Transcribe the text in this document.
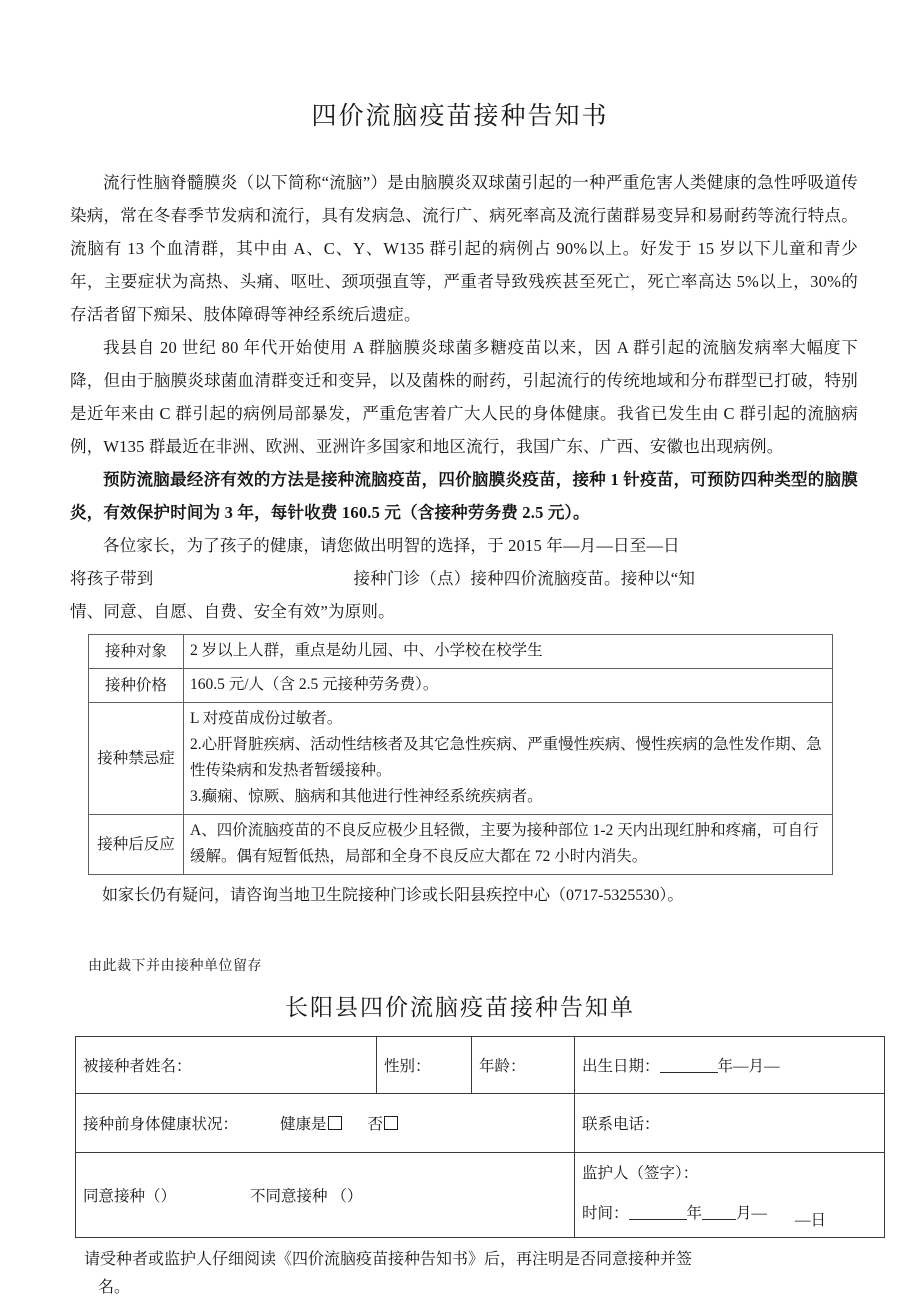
四价流脑疫苗接种告知书

流行性脑脊髓膜炎（以下简称“流脑”）是由脑膜炎双球菌引起的一种严重危害人类健康的急性呼吸道传染病，常在冬春季节发病和流行，具有发病急、流行广、病死率高及流行菌群易变异和易耐药等流行特点。流脑有 13 个血清群，其中由 A、C、Y、W135 群引起的病例占 90%以上。好发于 15 岁以下儿童和青少年，主要症状为高热、头痛、呕吐、颈项强直等，严重者导致残疾甚至死亡，死亡率高达 5%以上，30%的存活者留下痴呆、肢体障碍等神经系统后遗症。

我县自 20 世纪 80 年代开始使用 A 群脑膜炎球菌多糖疫苗以来，因 A 群引起的流脑发病率大幅度下降，但由于脑膜炎球菌血清群变迁和变异，以及菌株的耐药，引起流行的传统地域和分布群型已打破，特别是近年来由 C 群引起的病例局部暴发，严重危害着广大人民的身体健康。我省已发生由 C 群引起的流脑病例，W135 群最近在非洲、欧洲、亚洲许多国家和地区流行，我国广东、广西、安徽也出现病例。

预防流脑最经济有效的方法是接种流脑疫苗，四价脑膜炎疫苗，接种 1 针疫苗，可预防四种类型的脑膜炎，有效保护时间为 3 年，每针收费 160.5 元（含接种劳务费 2.5 元）。

各位家长，为了孩子的健康，请您做出明智的选择，于 2015 年—月—日至—日

将孩子带到	接种门诊（点）接种四价流脑疫苗。接种以“知

情、同意、自愿、自费、安全有效”为原则。

接种对象	2 岁以上人群，重点是幼儿园、中、小学校在校学生

接种价格	160.5 元/人（含 2.5 元接种劳务费）。

接种禁忌症	L 对疫苗成份过敏者。
2.心肝肾脏疾病、活动性结核者及其它急性疾病、严重慢性疾病、慢性疾病的急性发作期、急性传染病和发热者暂缓接种。
3.癫痫、惊厥、脑病和其他进行性神经系统疾病者。

接种后反应	A、四价流脑疫苗的不良反应极少且轻微，主要为接种部位 1-2 天内出现红肿和疼痛，可自行缓解。偶有短暂低热，局部和全身不良反应大都在 72 小时内消失。
如家长仍有疑问，请咨询当地卫生院接种门诊或长阳县疾控中心（0717-5325530）。
由此裁下并由接种单位留存
长阳县四价流脑疫苗接种告知单
被接种者姓名：	性别：	年龄：	出生日期： 年—月—
接种前身体健康状况： 健康是 否			联系电话：
同意接种（） 不同意接种 （）			监护人（签字）：
时间： 年 月— —日
请受种者或监护人仔细阅读《四价流脑疫苗接种告知书》后，再注明是否同意接种并签
名。
